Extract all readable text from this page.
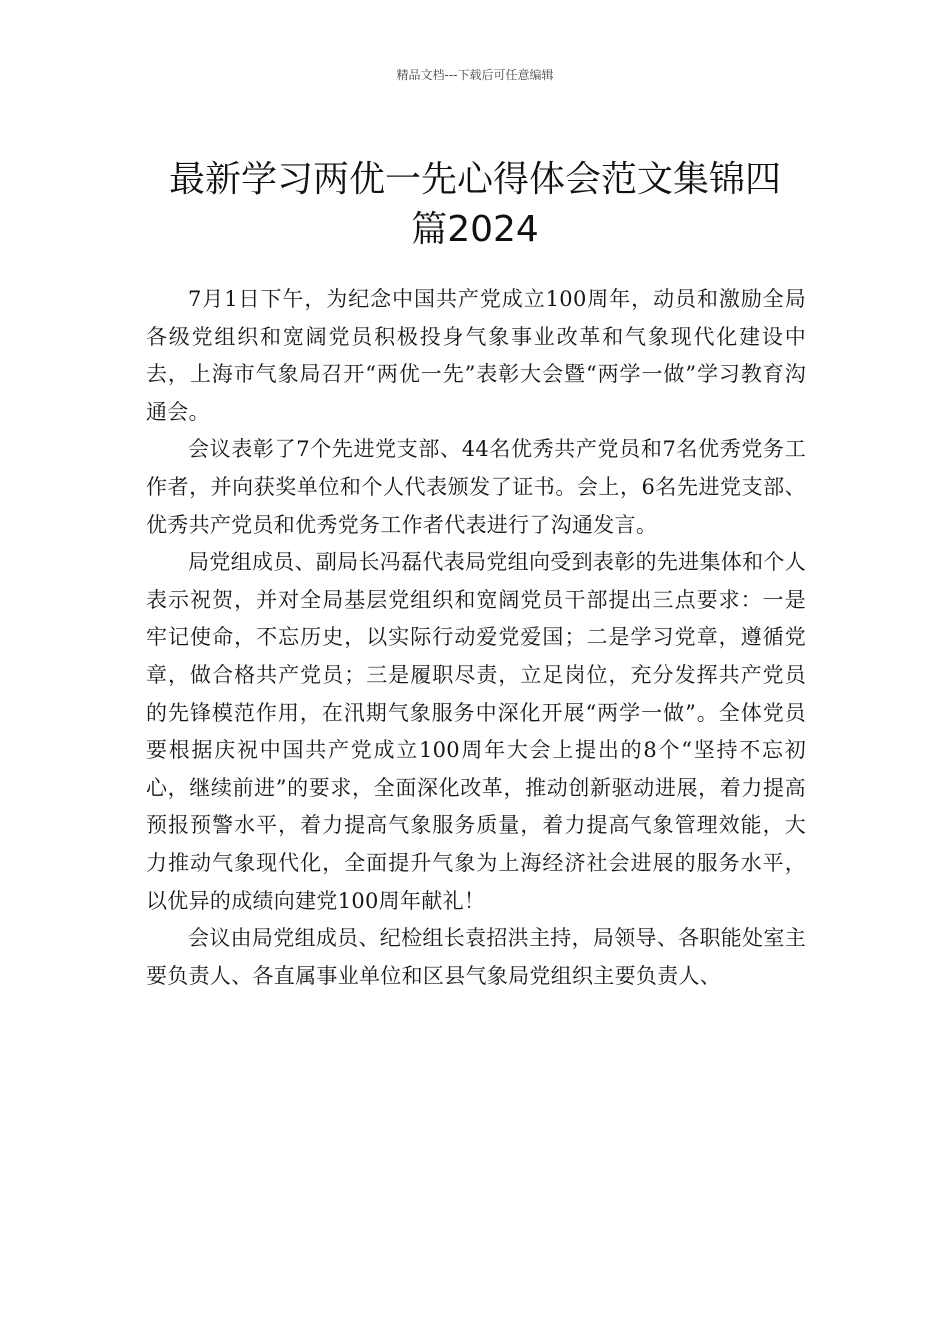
精品文档---下载后可任意编辑
最新学习两优一先心得体会范文集锦四
篇2024

7月1日下午，为纪念中国共产党成立100周年，动员和激励全局各级党组织和宽阔党员积极投身气象事业改革和气象现代化建设中去，上海市气象局召开“两优一先”表彰大会暨“两学一做”学习教育沟通会。

会议表彰了7个先进党支部、44名优秀共产党员和7名优秀党务工作者，并向获奖单位和个人代表颁发了证书。会上，6名先进党支部、优秀共产党员和优秀党务工作者代表进行了沟通发言。

局党组成员、副局长冯磊代表局党组向受到表彰的先进集体和个人表示祝贺，并对全局基层党组织和宽阔党员干部提出三点要求：一是牢记使命，不忘历史，以实际行动爱党爱国；二是学习党章，遵循党章，做合格共产党员；三是履职尽责，立足岗位，充分发挥共产党员的先锋模范作用，在汛期气象服务中深化开展“两学一做”。全体党员要根据庆祝中国共产党成立100周年大会上提出的8个“坚持不忘初心，继续前进”的要求，全面深化改革，推动创新驱动进展，着力提高预报预警水平，着力提高气象服务质量，着力提高气象管理效能，大力推动气象现代化，全面提升气象为上海经济社会进展的服务水平，以优异的成绩向建党100周年献礼！

会议由局党组成员、纪检组长袁招洪主持，局领导、各职能处室主要负责人、各直属事业单位和区县气象局党组织主要负责人、
